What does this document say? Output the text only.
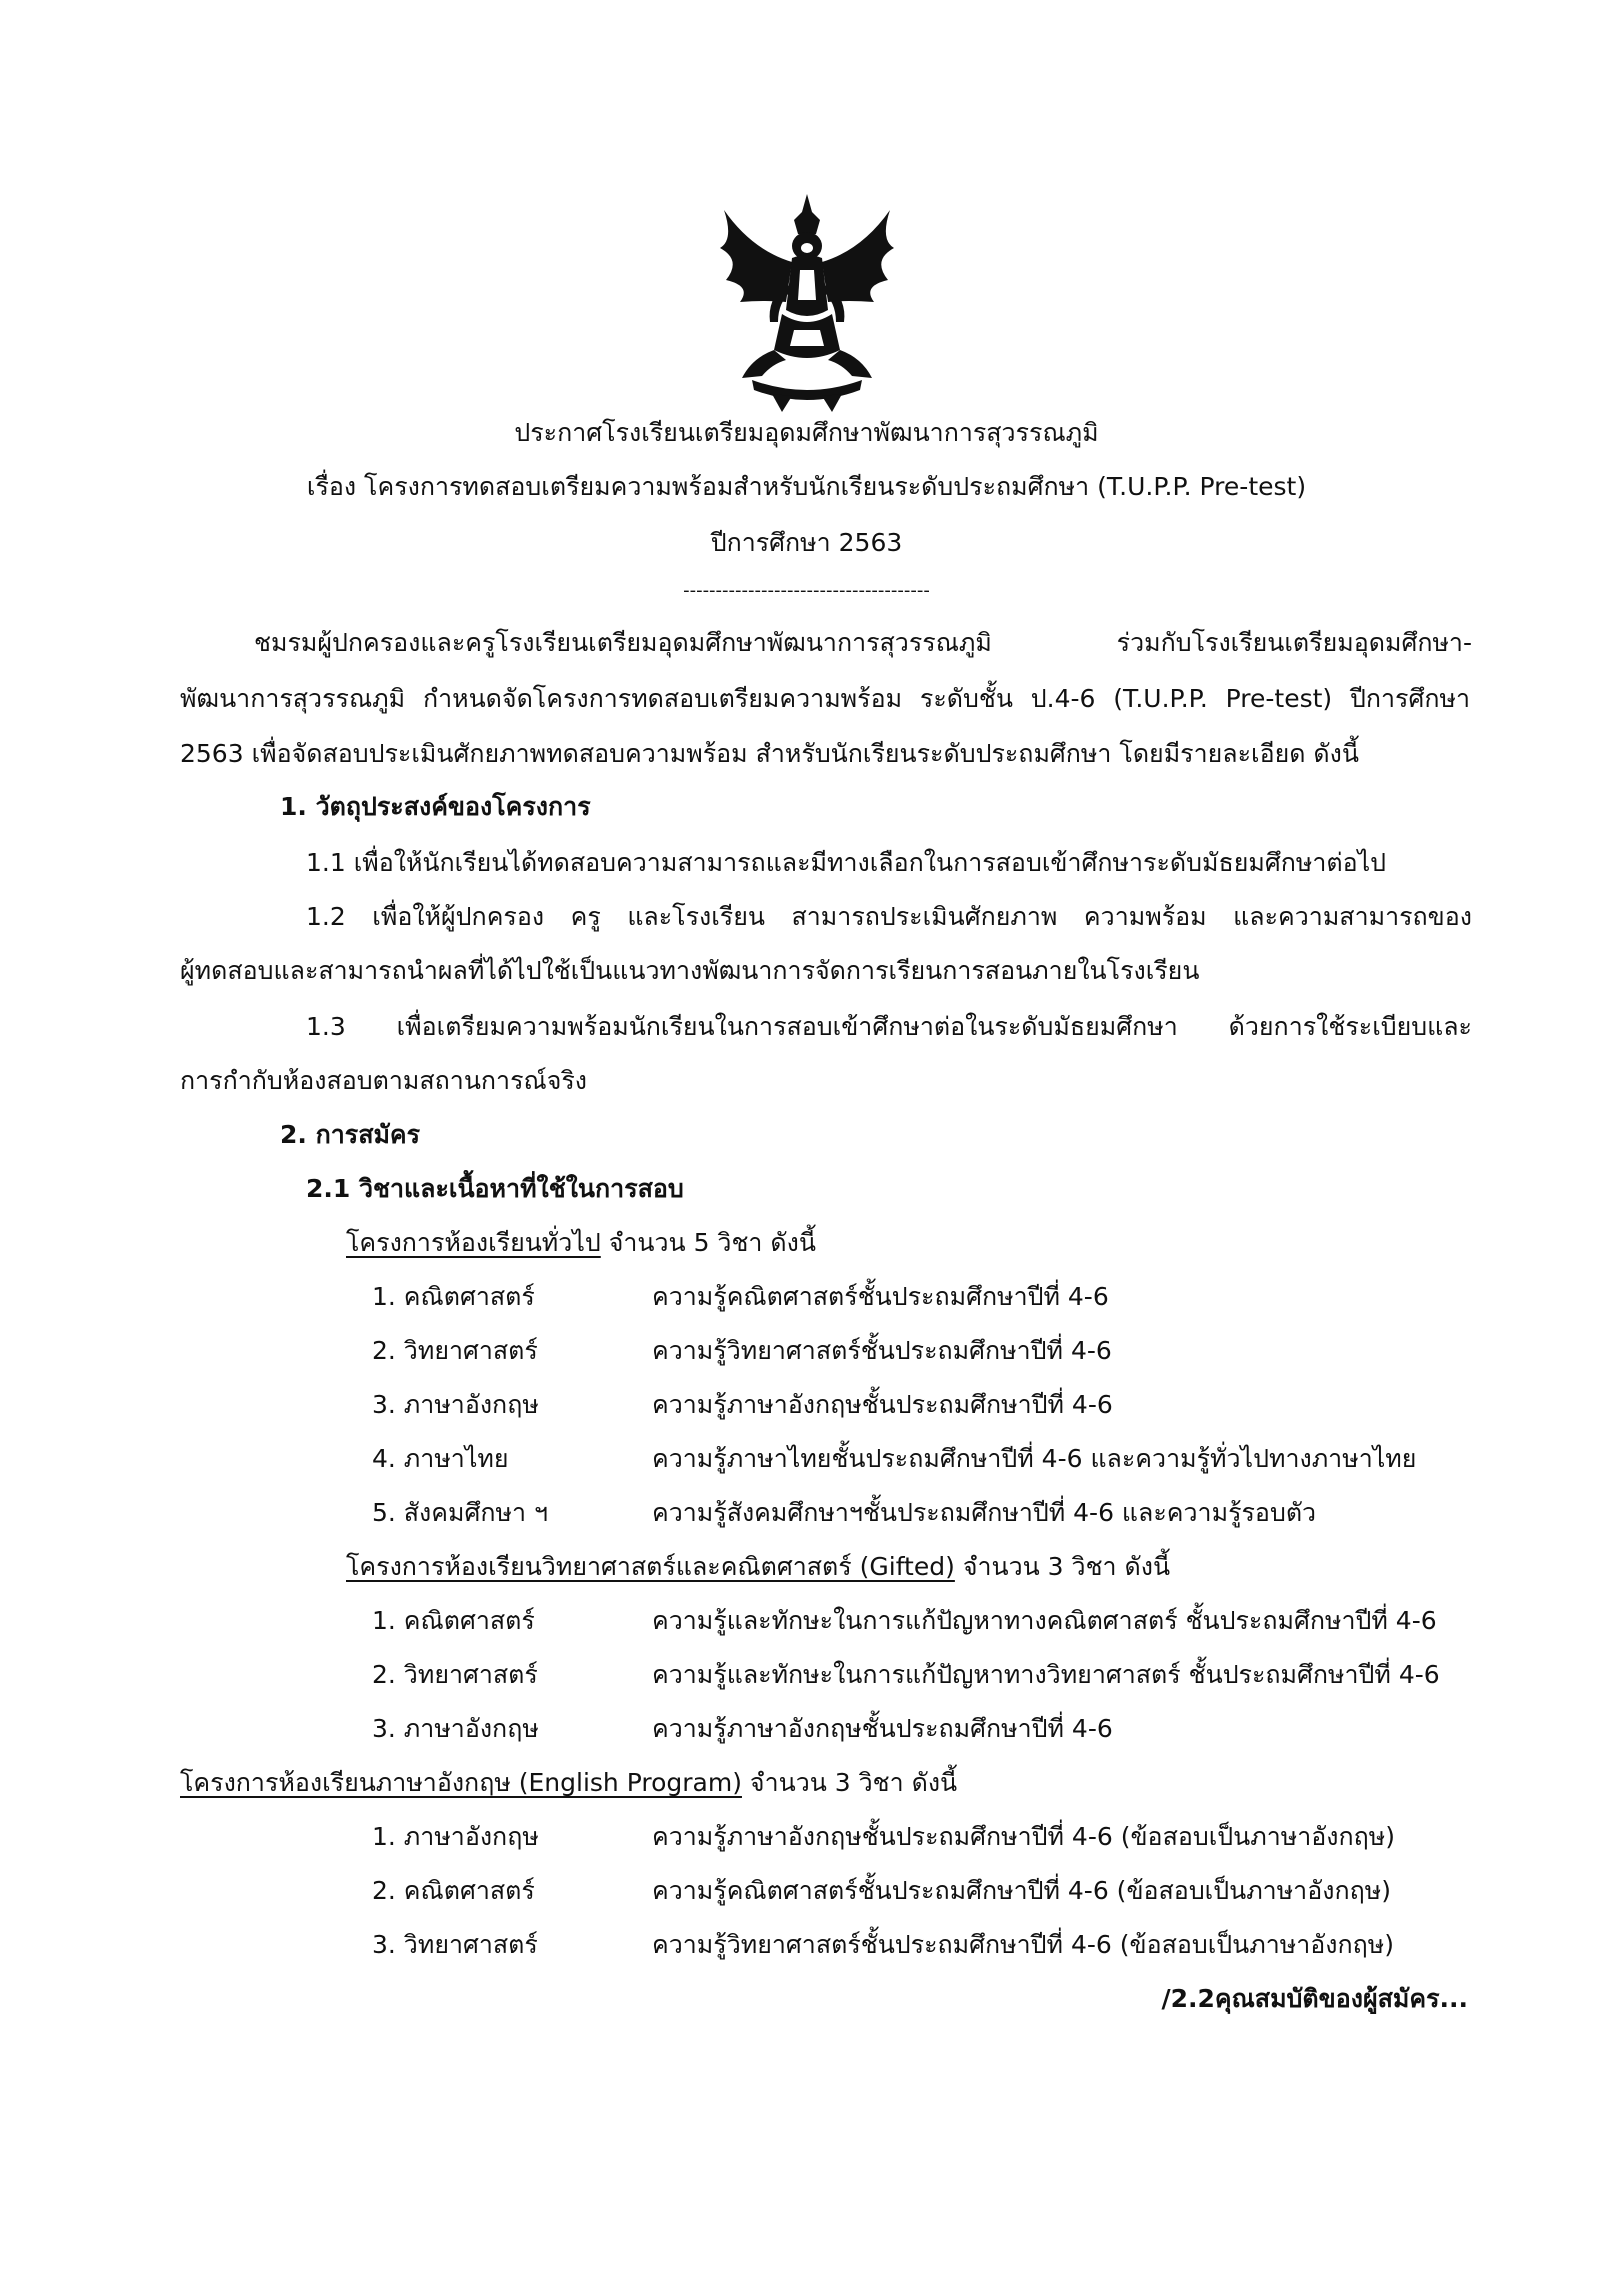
ประกาศโรงเรียนเตรียมอุดมศึกษาพัฒนาการสุวรรณภูมิ
เรื่อง โครงการทดสอบเตรียมความพร้อมสำหรับนักเรียนระดับประถมศึกษา (T.U.P.P. Pre-test)
ปีการศึกษา 2563
--------------------------------------
ชมรมผู้ปกครองและครูโรงเรียนเตรียมอุดมศึกษาพัฒนาการสุวรรณภูมิ ร่วมกับโรงเรียนเตรียมอุดมศึกษา-
พัฒนาการสุวรรณภูมิ กำหนดจัดโครงการทดสอบเตรียมความพร้อม ระดับชั้น ป.4-6 (T.U.P.P. Pre-test) ปีการศึกษา
2563 เพื่อจัดสอบประเมินศักยภาพทดสอบความพร้อม สำหรับนักเรียนระดับประถมศึกษา โดยมีรายละเอียด ดังนี้
1. วัตถุประสงค์ของโครงการ
1.1 เพื่อให้นักเรียนได้ทดสอบความสามารถและมีทางเลือกในการสอบเข้าศึกษาระดับมัธยมศึกษาต่อไป
1.2 เพื่อให้ผู้ปกครอง ครู และโรงเรียน สามารถประเมินศักยภาพ ความพร้อม และความสามารถของ
ผู้ทดสอบและสามารถนำผลที่ได้ไปใช้เป็นแนวทางพัฒนาการจัดการเรียนการสอนภายในโรงเรียน
1.3 เพื่อเตรียมความพร้อมนักเรียนในการสอบเข้าศึกษาต่อในระดับมัธยมศึกษา ด้วยการใช้ระเบียบและ
การกำกับห้องสอบตามสถานการณ์จริง
2. การสมัคร
2.1 วิชาและเนื้อหาที่ใช้ในการสอบ
โครงการห้องเรียนทั่วไป จำนวน 5 วิชา ดังนี้
1. คณิตศาสตร์	ความรู้คณิตศาสตร์ชั้นประถมศึกษาปีที่ 4-6
2. วิทยาศาสตร์	ความรู้วิทยาศาสตร์ชั้นประถมศึกษาปีที่ 4-6
3. ภาษาอังกฤษ	ความรู้ภาษาอังกฤษชั้นประถมศึกษาปีที่ 4-6
4. ภาษาไทย	ความรู้ภาษาไทยชั้นประถมศึกษาปีที่ 4-6 และความรู้ทั่วไปทางภาษาไทย
5. สังคมศึกษา ฯ	ความรู้สังคมศึกษาฯชั้นประถมศึกษาปีที่ 4-6 และความรู้รอบตัว
โครงการห้องเรียนวิทยาศาสตร์และคณิตศาสตร์ (Gifted) จำนวน 3 วิชา ดังนี้
1. คณิตศาสตร์	ความรู้และทักษะในการแก้ปัญหาทางคณิตศาสตร์ ชั้นประถมศึกษาปีที่ 4-6
2. วิทยาศาสตร์	ความรู้และทักษะในการแก้ปัญหาทางวิทยาศาสตร์ ชั้นประถมศึกษาปีที่ 4-6
3. ภาษาอังกฤษ	ความรู้ภาษาอังกฤษชั้นประถมศึกษาปีที่ 4-6
โครงการห้องเรียนภาษาอังกฤษ (English Program) จำนวน 3 วิชา ดังนี้
1. ภาษาอังกฤษ	ความรู้ภาษาอังกฤษชั้นประถมศึกษาปีที่ 4-6 (ข้อสอบเป็นภาษาอังกฤษ)
2. คณิตศาสตร์	ความรู้คณิตศาสตร์ชั้นประถมศึกษาปีที่ 4-6 (ข้อสอบเป็นภาษาอังกฤษ)
3. วิทยาศาสตร์	ความรู้วิทยาศาสตร์ชั้นประถมศึกษาปีที่ 4-6 (ข้อสอบเป็นภาษาอังกฤษ)
/2.2คุณสมบัติของผู้สมัคร...
